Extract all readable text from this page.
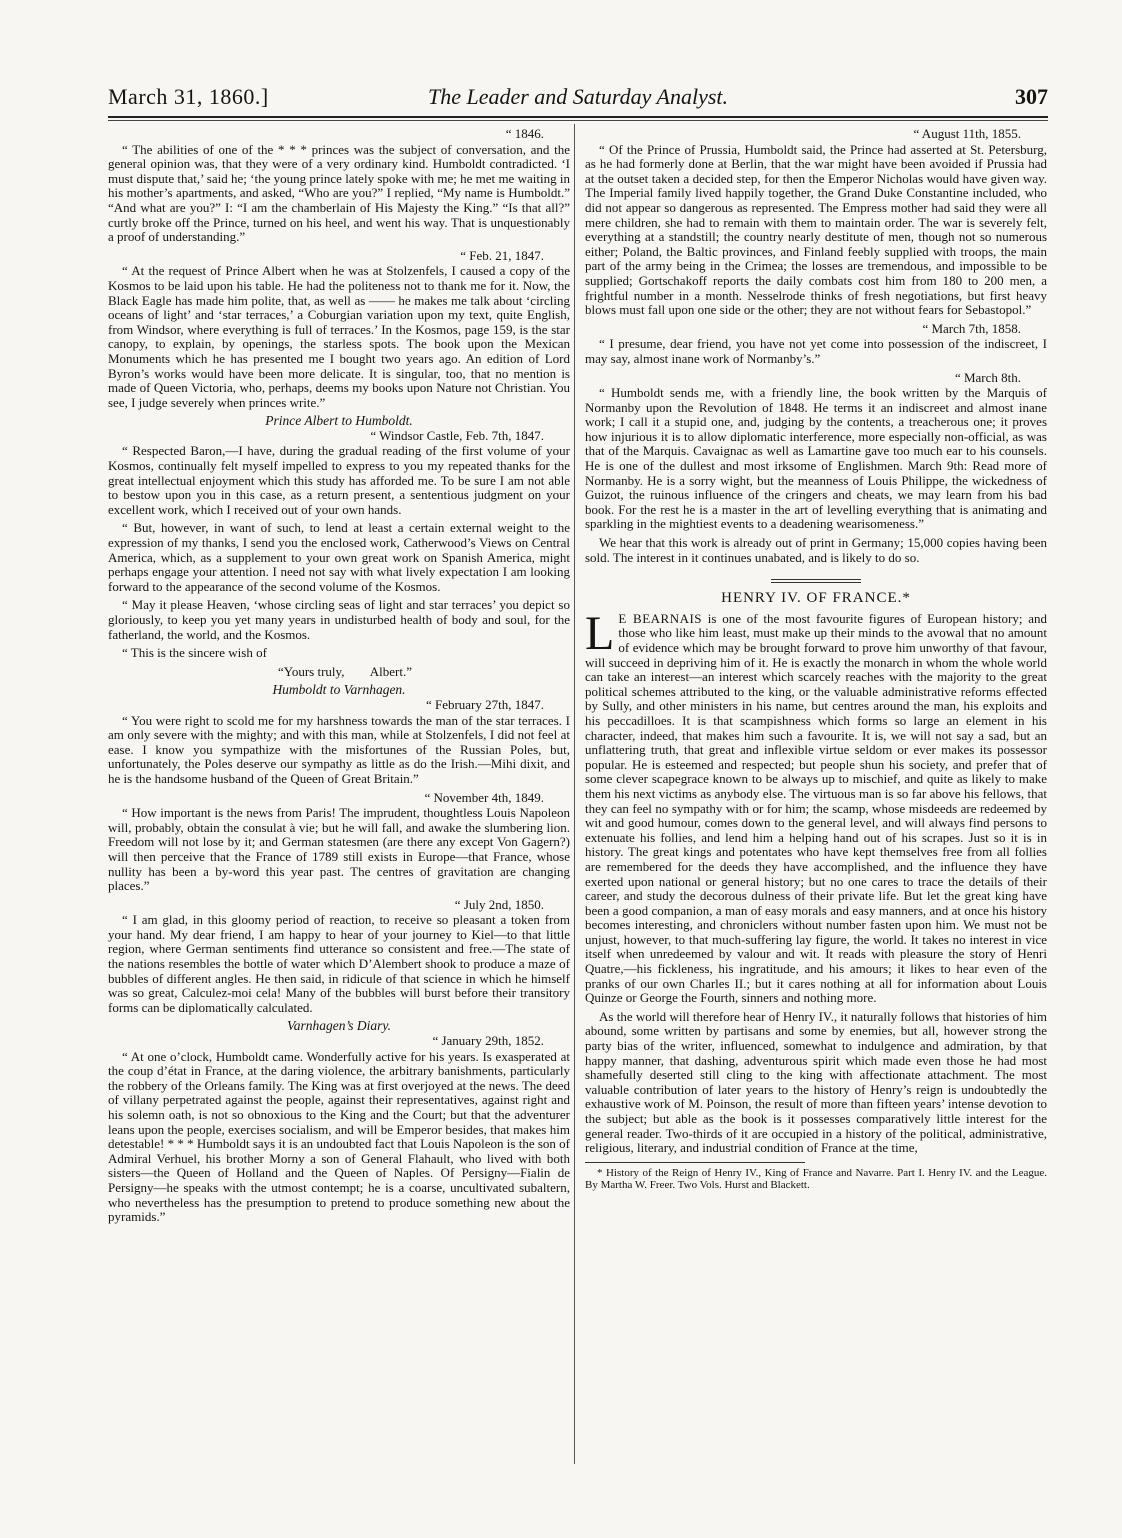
March 31, 1860.]	The Leader and Saturday Analyst.	307

“ 1846.

“ The abilities of one of the * * * princes was the subject of conversation, and the general opinion was, that they were of a very ordinary kind. Humboldt contradicted. ‘I must dispute that,’ said he; ‘the young prince lately spoke with me; he met me waiting in his mother’s apartments, and asked, “Who are you?” I replied, “My name is Humboldt.” “And what are you?” I: “I am the chamberlain of His Majesty the King.” “Is that all?” curtly broke off the Prince, turned on his heel, and went his way. That is unquestionably a proof of understanding.”

“ Feb. 21, 1847.

“ At the request of Prince Albert when he was at Stolzenfels, I caused a copy of the Kosmos to be laid upon his table. He had the politeness not to thank me for it. Now, the Black Eagle has made him polite, that, as well as —— he makes me talk about ‘circling oceans of light’ and ‘star terraces,’ a Coburgian variation upon my text, quite English, from Windsor, where everything is full of terraces.’ In the Kosmos, page 159, is the star canopy, to explain, by openings, the starless spots. The book upon the Mexican Monuments which he has presented me I bought two years ago. An edition of Lord Byron’s works would have been more delicate. It is singular, too, that no mention is made of Queen Victoria, who, perhaps, deems my books upon Nature not Christian. You see, I judge severely when princes write.”

Prince Albert to Humboldt.

“ Windsor Castle, Feb. 7th, 1847.

“ Respected Baron,—I have, during the gradual reading of the first volume of your Kosmos, continually felt myself impelled to express to you my repeated thanks for the great intellectual enjoyment which this study has afforded me. To be sure I am not able to bestow upon you in this case, as a return present, a sententious judgment on your excellent work, which I received out of your own hands.

“ But, however, in want of such, to lend at least a certain external weight to the expression of my thanks, I send you the enclosed work, Catherwood’s Views on Central America, which, as a supplement to your own great work on Spanish America, might perhaps engage your attention. I need not say with what lively expectation I am looking forward to the appearance of the second volume of the Kosmos.

“ May it please Heaven, ‘whose circling seas of light and star terraces’ you depict so gloriously, to keep you yet many years in undisturbed health of body and soul, for the fatherland, the world, and the Kosmos.

“ This is the sincere wish of

“Yours truly,        Albert.”

Humboldt to Varnhagen.

“ February 27th, 1847.

“ You were right to scold me for my harshness towards the man of the star terraces. I am only severe with the mighty; and with this man, while at Stolzenfels, I did not feel at ease. I know you sympathize with the misfortunes of the Russian Poles, but, unfortunately, the Poles deserve our sympathy as little as do the Irish.—Mihi dixit, and he is the handsome husband of the Queen of Great Britain.”

“ November 4th, 1849.

“ How important is the news from Paris! The imprudent, thoughtless Louis Napoleon will, probably, obtain the consulat à vie; but he will fall, and awake the slumbering lion. Freedom will not lose by it; and German statesmen (are there any except Von Gagern?) will then perceive that the France of 1789 still exists in Europe—that France, whose nullity has been a by-word this year past. The centres of gravitation are changing places.”

“ July 2nd, 1850.

“ I am glad, in this gloomy period of reaction, to receive so pleasant a token from your hand. My dear friend, I am happy to hear of your journey to Kiel—to that little region, where German sentiments find utterance so consistent and free.—The state of the nations resembles the bottle of water which D’Alembert shook to produce a maze of bubbles of different angles. He then said, in ridicule of that science in which he himself was so great, Calculez-moi cela! Many of the bubbles will burst before their transitory forms can be diplomatically calculated.

Varnhagen’s Diary.

“ January 29th, 1852.

“ At one o’clock, Humboldt came. Wonderfully active for his years. Is exasperated at the coup d’état in France, at the daring violence, the arbitrary banishments, particularly the robbery of the Orleans family. The King was at first overjoyed at the news. The deed of villany perpetrated against the people, against their representatives, against right and his solemn oath, is not so obnoxious to the King and the Court; but that the adventurer leans upon the people, exercises socialism, and will be Emperor besides, that makes him detestable! * * * Humboldt says it is an undoubted fact that Louis Napoleon is the son of Admiral Verhuel, his brother Morny a son of General Flahault, who lived with both sisters—the Queen of Holland and the Queen of Naples. Of Persigny—Fialin de Persigny—he speaks with the utmost contempt; he is a coarse, uncultivated subaltern, who nevertheless has the presumption to pretend to produce something new about the pyramids.”

“ August 11th, 1855.

“ Of the Prince of Prussia, Humboldt said, the Prince had asserted at St. Petersburg, as he had formerly done at Berlin, that the war might have been avoided if Prussia had at the outset taken a decided step, for then the Emperor Nicholas would have given way. The Imperial family lived happily together, the Grand Duke Constantine included, who did not appear so dangerous as represented. The Empress mother had said they were all mere children, she had to remain with them to maintain order. The war is severely felt, everything at a standstill; the country nearly destitute of men, though not so numerous either; Poland, the Baltic provinces, and Finland feebly supplied with troops, the main part of the army being in the Crimea; the losses are tremendous, and impossible to be supplied; Gortschakoff reports the daily combats cost him from 180 to 200 men, a frightful number in a month. Nesselrode thinks of fresh negotiations, but first heavy blows must fall upon one side or the other; they are not without fears for Sebastopol.”

“ March 7th, 1858.

“ I presume, dear friend, you have not yet come into possession of the indiscreet, I may say, almost inane work of Normanby’s.”

“ March 8th.

“ Humboldt sends me, with a friendly line, the book written by the Marquis of Normanby upon the Revolution of 1848. He terms it an indiscreet and almost inane work; I call it a stupid one, and, judging by the contents, a treacherous one; it proves how injurious it is to allow diplomatic interference, more especially non-official, as was that of the Marquis. Cavaignac as well as Lamartine gave too much ear to his counsels. He is one of the dullest and most irksome of Englishmen. March 9th: Read more of Normanby. He is a sorry wight, but the meanness of Louis Philippe, the wickedness of Guizot, the ruinous influence of the cringers and cheats, we may learn from his bad book. For the rest he is a master in the art of levelling everything that is animating and sparkling in the mightiest events to a deadening wearisomeness.”

We hear that this work is already out of print in Germany; 15,000 copies having been sold. The interest in it continues unabated, and is likely to do so.

HENRY IV. OF FRANCE.*

L E BEARNAIS is one of the most favourite figures of European history; and those who like him least, must make up their minds to the avowal that no amount of evidence which may be brought forward to prove him unworthy of that favour, will succeed in depriving him of it. He is exactly the monarch in whom the whole world can take an interest—an interest which scarcely reaches with the majority to the great political schemes attributed to the king, or the valuable administrative reforms effected by Sully, and other ministers in his name, but centres around the man, his exploits and his peccadilloes. It is that scampishness which forms so large an element in his character, indeed, that makes him such a favourite. It is, we will not say a sad, but an unflattering truth, that great and inflexible virtue seldom or ever makes its possessor popular. He is esteemed and respected; but people shun his society, and prefer that of some clever scapegrace known to be always up to mischief, and quite as likely to make them his next victims as anybody else. The virtuous man is so far above his fellows, that they can feel no sympathy with or for him; the scamp, whose misdeeds are redeemed by wit and good humour, comes down to the general level, and will always find persons to extenuate his follies, and lend him a helping hand out of his scrapes. Just so it is in history. The great kings and potentates who have kept themselves free from all follies are remembered for the deeds they have accomplished, and the influence they have exerted upon national or general history; but no one cares to trace the details of their career, and study the decorous dulness of their private life. But let the great king have been a good companion, a man of easy morals and easy manners, and at once his history becomes interesting, and chroniclers without number fasten upon him. We must not be unjust, however, to that much-suffering lay figure, the world. It takes no interest in vice itself when unredeemed by valour and wit. It reads with pleasure the story of Henri Quatre,—his fickleness, his ingratitude, and his amours; it likes to hear even of the pranks of our own Charles II.; but it cares nothing at all for information about Louis Quinze or George the Fourth, sinners and nothing more.

As the world will therefore hear of Henry IV., it naturally follows that histories of him abound, some written by partisans and some by enemies, but all, however strong the party bias of the writer, influenced, somewhat to indulgence and admiration, by that happy manner, that dashing, adventurous spirit which made even those he had most shamefully deserted still cling to the king with affectionate attachment. The most valuable contribution of later years to the history of Henry’s reign is undoubtedly the exhaustive work of M. Poinson, the result of more than fifteen years’ intense devotion to the subject; but able as the book is it possesses comparatively little interest for the general reader. Two-thirds of it are occupied in a history of the political, administrative, religious, literary, and industrial condition of France at the time,

* History of the Reign of Henry IV., King of France and Navarre. Part I. Henry IV. and the League. By Martha W. Freer. Two Vols. Hurst and Blackett.
